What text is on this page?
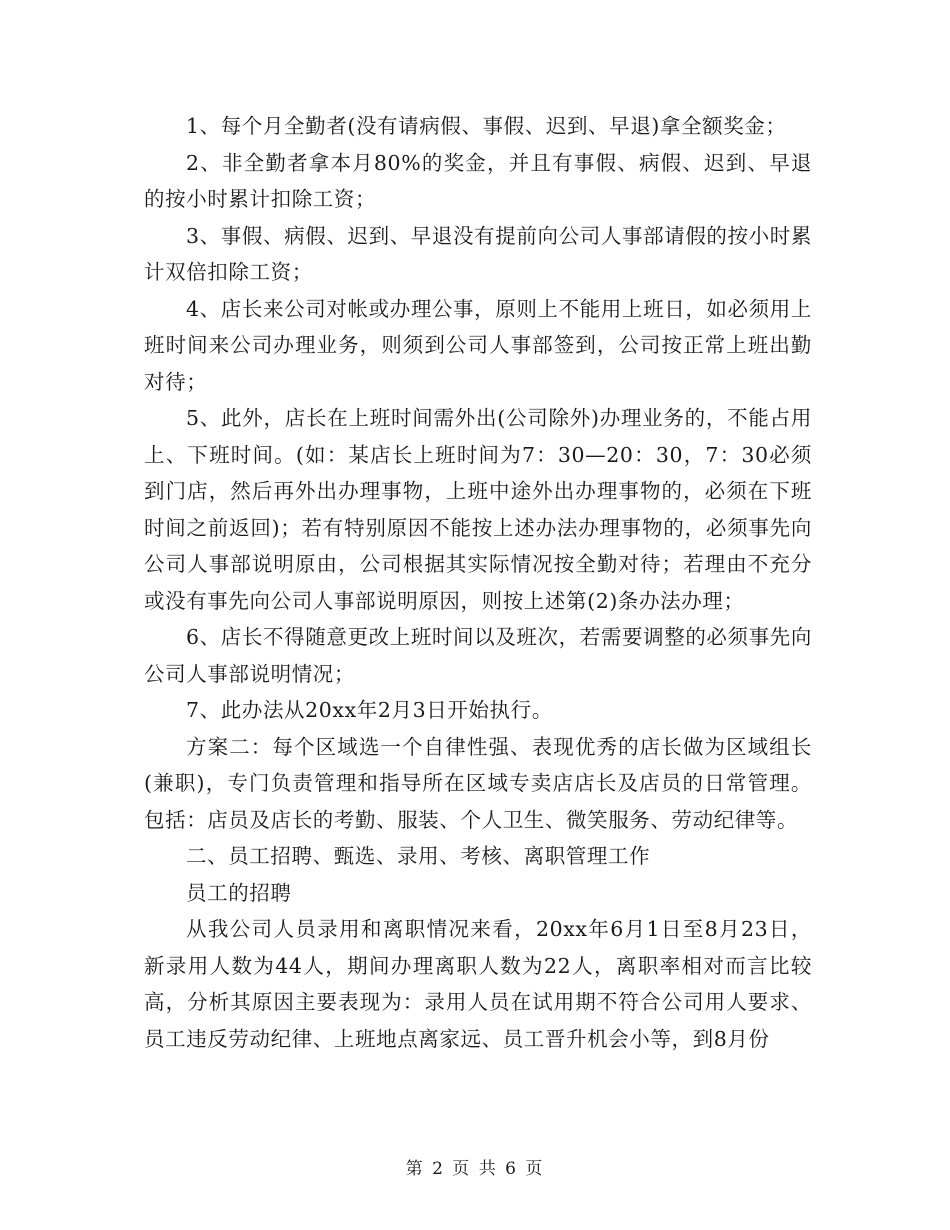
1、每个月全勤者(没有请病假、事假、迟到、早退)拿全额奖金；

2、非全勤者拿本月80%的奖金，并且有事假、病假、迟到、早退的按小时累计扣除工资；

3、事假、病假、迟到、早退没有提前向公司人事部请假的按小时累计双倍扣除工资；

4、店长来公司对帐或办理公事，原则上不能用上班日，如必须用上班时间来公司办理业务，则须到公司人事部签到，公司按正常上班出勤对待；

5、此外，店长在上班时间需外出(公司除外)办理业务的，不能占用上、下班时间。(如：某店长上班时间为7：30—20：30，7：30必须到门店，然后再外出办理事物，上班中途外出办理事物的，必须在下班时间之前返回)；若有特别原因不能按上述办法办理事物的，必须事先向公司人事部说明原由，公司根据其实际情况按全勤对待；若理由不充分或没有事先向公司人事部说明原因，则按上述第(2)条办法办理；

6、店长不得随意更改上班时间以及班次，若需要调整的必须事先向公司人事部说明情况；

7、此办法从20xx年2月3日开始执行。

方案二：每个区域选一个自律性强、表现优秀的店长做为区域组长(兼职)，专门负责管理和指导所在区域专卖店店长及店员的日常管理。包括：店员及店长的考勤、服装、个人卫生、微笑服务、劳动纪律等。

二、员工招聘、甄选、录用、考核、离职管理工作

员工的招聘

从我公司人员录用和离职情况来看，20xx年6月1日至8月23日，新录用人数为44人，期间办理离职人数为22人，离职率相对而言比较高，分析其原因主要表现为：录用人员在试用期不符合公司用人要求、员工违反劳动纪律、上班地点离家远、员工晋升机会小等，到8月份

第 2 页 共 6 页
